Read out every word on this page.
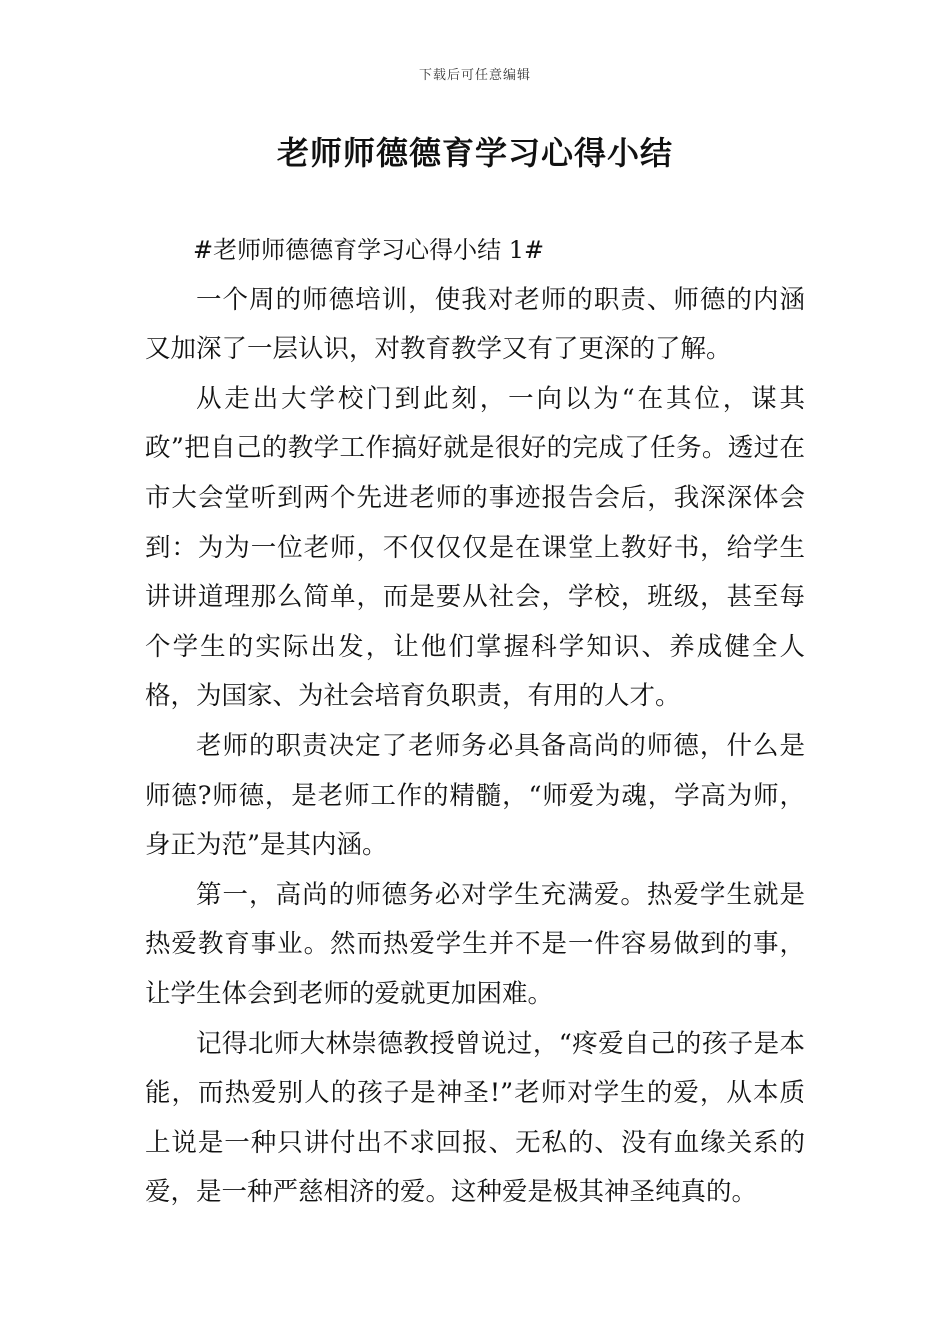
下载后可任意编辑
老师师德德育学习心得小结

#老师师德德育学习心得小结 1#

一个周的师德培训，使我对老师的职责、师德的内涵又加深了一层认识，对教育教学又有了更深的了解。

从走出大学校门到此刻，一向以为“在其位，谋其政”把自己的教学工作搞好就是很好的完成了任务。透过在市大会堂听到两个先进老师的事迹报告会后，我深深体会到：为为一位老师，不仅仅仅是在课堂上教好书，给学生讲讲道理那么简单，而是要从社会，学校，班级，甚至每个学生的实际出发，让他们掌握科学知识、养成健全人格，为国家、为社会培育负职责，有用的人才。

老师的职责决定了老师务必具备高尚的师德，什么是师德?师德，是老师工作的精髓，“师爱为魂，学高为师，身正为范”是其内涵。

第一，高尚的师德务必对学生充满爱。热爱学生就是热爱教育事业。然而热爱学生并不是一件容易做到的事，让学生体会到老师的爱就更加困难。

记得北师大林崇德教授曾说过，“疼爱自己的孩子是本能，而热爱别人的孩子是神圣!”老师对学生的爱，从本质上说是一种只讲付出不求回报、无私的、没有血缘关系的爱，是一种严慈相济的爱。这种爱是极其神圣纯真的。
